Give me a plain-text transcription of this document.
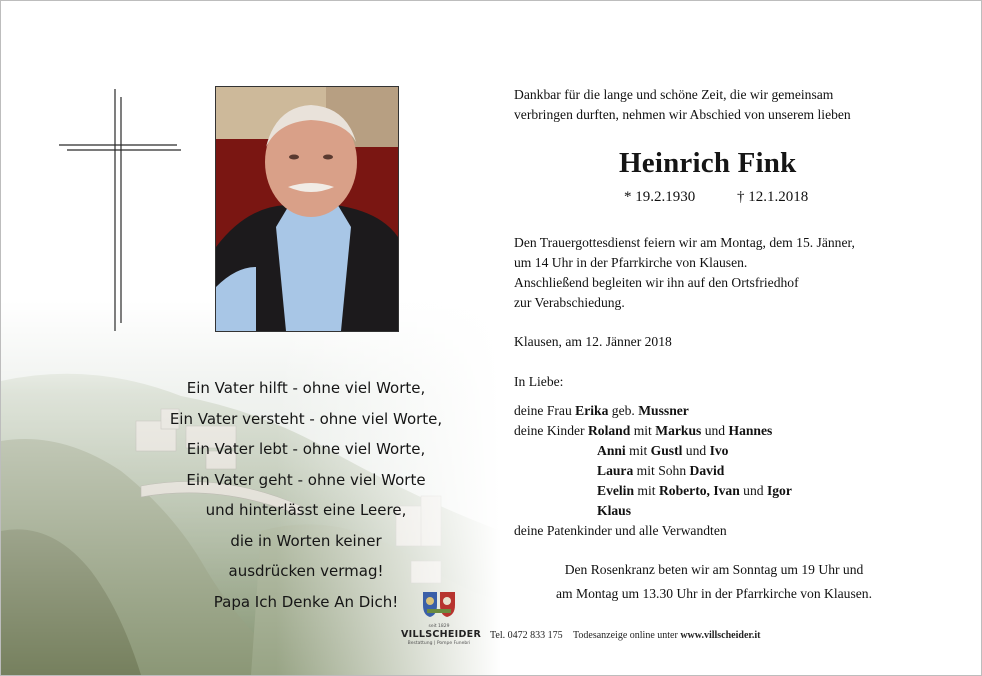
Ein Vater hilft - ohne viel Worte,
Ein Vater versteht - ohne viel Worte,
Ein Vater lebt - ohne viel Worte,
Ein Vater geht - ohne viel Worte
und hinterlässt eine Leere,
die in Worten keiner
ausdrücken vermag!
Papa Ich Denke An Dich!
Dankbar für die lange und schöne Zeit, die wir gemeinsam
verbringen durften, nehmen wir Abschied von unserem lieben
Heinrich Fink
* 19.2.1930	† 12.1.2018
Den Trauergottesdienst feiern wir am Montag, dem 15. Jänner,
um 14 Uhr in der Pfarrkirche von Klausen.
Anschließend begleiten wir ihn auf den Ortsfriedhof
zur Verabschiedung.
Klausen, am 12. Jänner 2018
In Liebe:
deine Frau Erika geb. Mussner
deine Kinder Roland mit Markus und Hannes
Anni mit Gustl und Ivo
Laura mit Sohn David
Evelin mit Roberto, Ivan und Igor
Klaus
deine Patenkinder und alle Verwandten
Den Rosenkranz beten wir am Sonntag um 19 Uhr und
am Montag um 13.30 Uhr in der Pfarrkirche von Klausen.
seit 1829
VILLSCHEIDER
Bestattung | Pompe Funebri
Tel. 0472 833 175 Todesanzeige online unter www.villscheider.it
